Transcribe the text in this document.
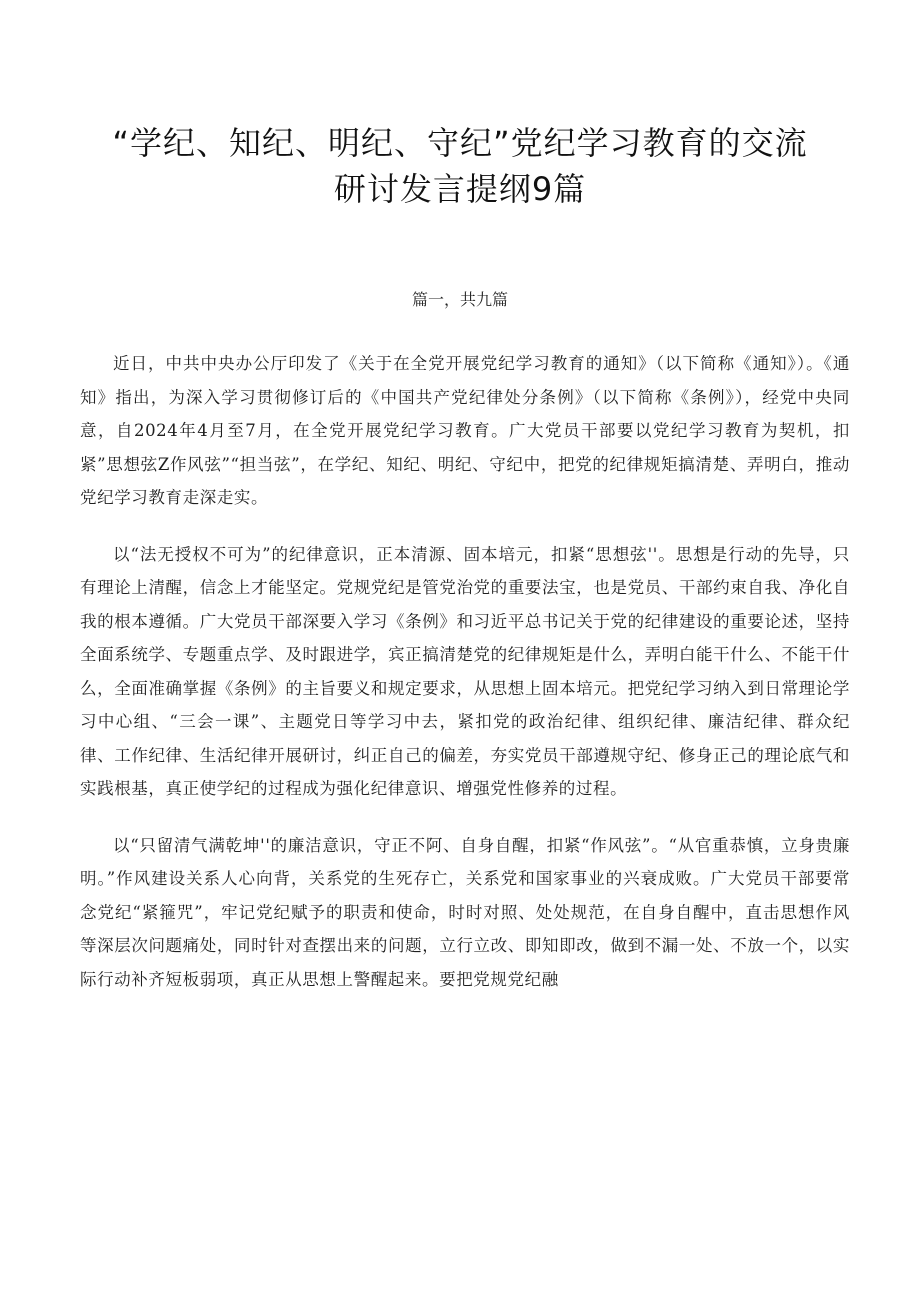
“学纪、知纪、明纪、守纪”党纪学习教育的交流
研讨发言提纲9篇

篇一，共九篇

近日，中共中央办公厅印发了《关于在全党开展党纪学习教育的通知》（以下简称《通知》）。《通知》指出，为深入学习贯彻修订后的《中国共产党纪律处分条例》（以下简称《条例》），经党中央同意，自2024年4月至7月，在全党开展党纪学习教育。广大党员干部要以党纪学习教育为契机，扣紧”思想弦Z作风弦”“担当弦”，在学纪、知纪、明纪、守纪中，把党的纪律规矩搞清楚、弄明白，推动党纪学习教育走深走实。

以“法无授权不可为”的纪律意识，正本清源、固本培元，扣紧“思想弦''。思想是行动的先导，只有理论上清醒，信念上才能坚定。党规党纪是管党治党的重要法宝，也是党员、干部约束自我、净化自我的根本遵循。广大党员干部深要入学习《条例》和习近平总书记关于党的纪律建设的重要论述，坚持全面系统学、专题重点学、及时跟进学，宾正搞清楚党的纪律规矩是什么，弄明白能干什么、不能干什么，全面准确掌握《条例》的主旨要义和规定要求，从思想上固本培元。把党纪学习纳入到日常理论学习中心组、“三会一课”、主题党日等学习中去，紧扣党的政治纪律、组织纪律、廉洁纪律、群众纪律、工作纪律、生活纪律开展研讨，纠正自己的偏差，夯实党员干部遵规守纪、修身正己的理论底气和实践根基，真正使学纪的过程成为强化纪律意识、增强党性修养的过程。

以“只留清气满乾坤''的廉洁意识，守正不阿、自身自醒，扣紧“作风弦”。“从官重恭慎，立身贵廉明。”作风建设关系人心向背，关系党的生死存亡，关系党和国家事业的兴衰成败。广大党员干部要常念党纪“紧箍咒”，牢记党纪赋予的职责和使命，时时对照、处处规范，在自身自醒中，直击思想作风等深层次问题痛处，同时针对查摆出来的问题，立行立改、即知即改，做到不漏一处、不放一个，以实际行动补齐短板弱项，真正从思想上警醒起来。要把党规党纪融
